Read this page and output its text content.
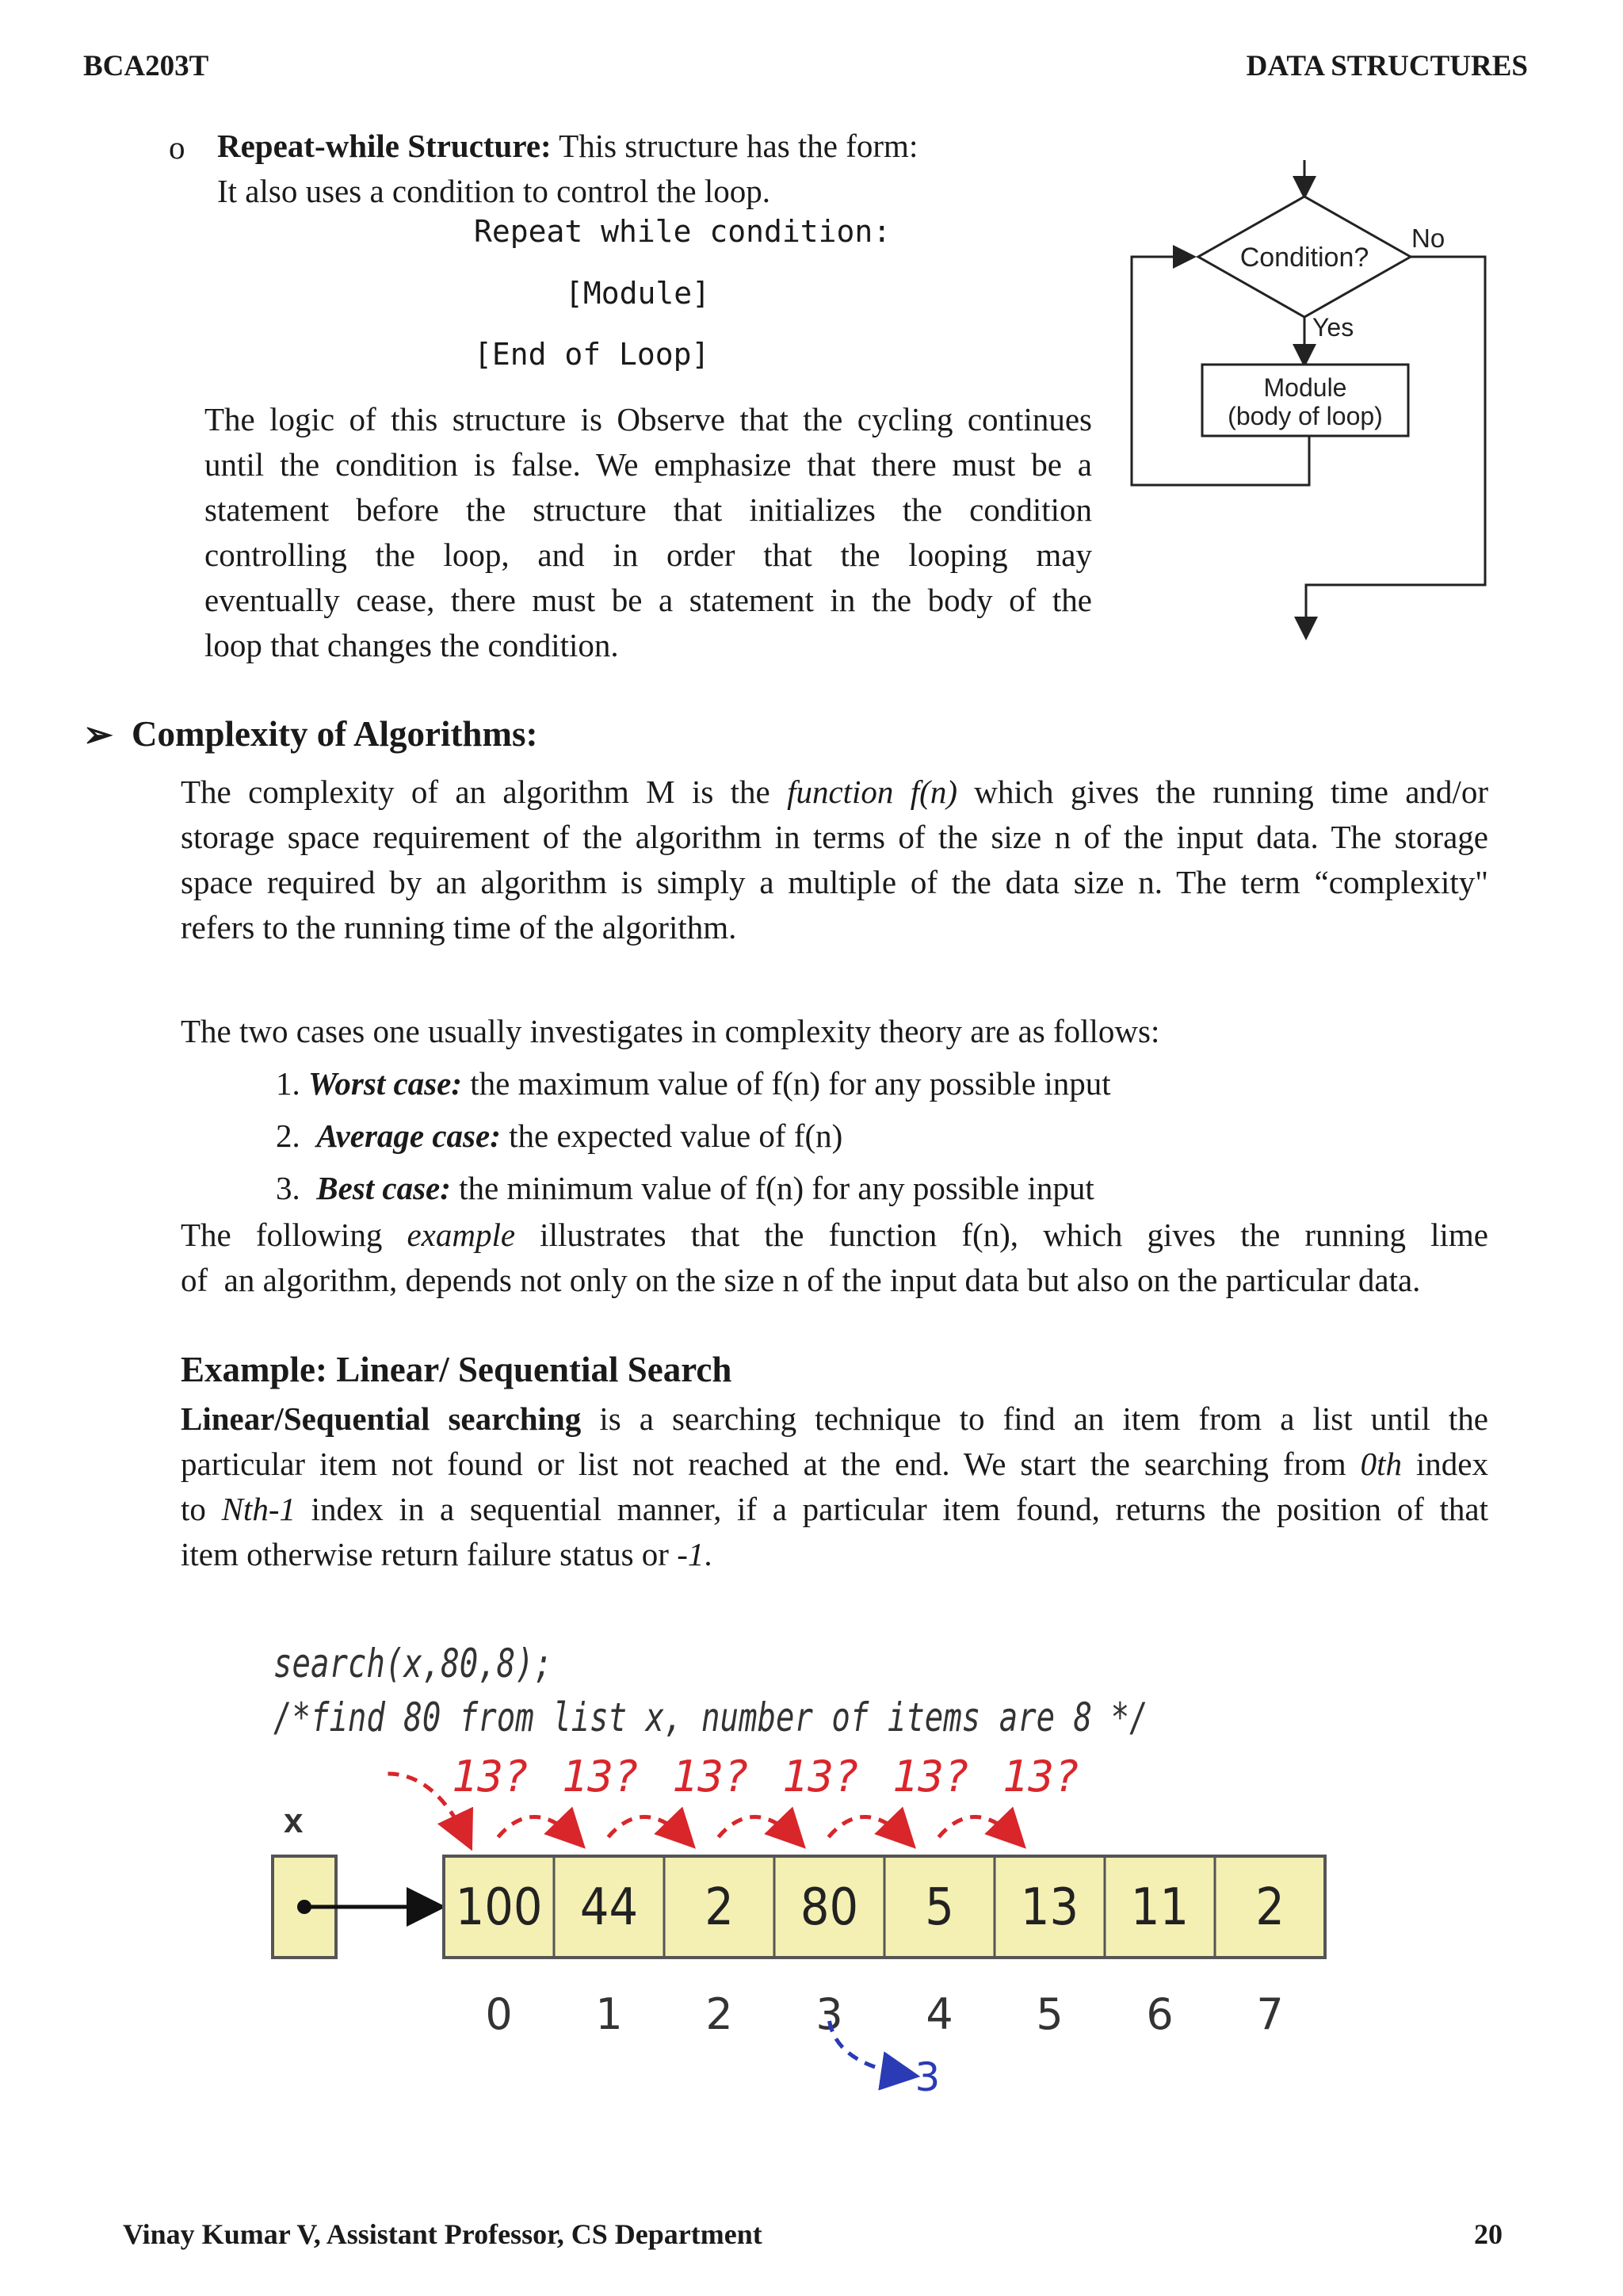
BCA203T	DATA STRUCTURES
o Repeat-while Structure: This structure has the form:
It also uses a condition to control the loop.
Repeat while condition:
[Module]
[End of Loop]
The logic of this structure is Observe that the cycling continues
until the condition is false. We emphasize that there must be a
statement before the structure that initializes the condition
controlling the loop, and in order that the looping may
eventually cease, there must be a statement in the body of the
loop that changes the condition.
Condition?
No
Yes
Module
(body of loop)
➢ Complexity of Algorithms:
The complexity of an algorithm M is the function f(n) which gives the running time and/or
storage space requirement of the algorithm in terms of the size n of the input data. The storage
space required by an algorithm is simply a multiple of the data size n. The term “complexity"
refers to the running time of the algorithm.
The two cases one usually investigates in complexity theory are as follows:
1. Worst case: the maximum value of f(n) for any possible input
2.  Average case: the expected value of f(n)
3.  Best case: the minimum value of f(n) for any possible input
The following example illustrates that the function f(n), which gives the running lime
of  an algorithm, depends not only on the size n of the input data but also on the particular data.
Example: Linear/ Sequential Search
Linear/Sequential searching is a searching technique to find an item from a list until the
particular item not found or list not reached at the end. We start the searching from 0th index
to Nth-1 index in a sequential manner, if a particular item found, returns the position of that
item otherwise return failure status or -1.
search(x,80,8);
/*find 80 from list x, number of items are 8 */
x
100
0
44
1
2
2
80
3
5
4
13
5
11
6
2
7
13? 13? 13? 13? 13? 13?
3
Vinay Kumar V, Assistant Professor, CS Department	20
